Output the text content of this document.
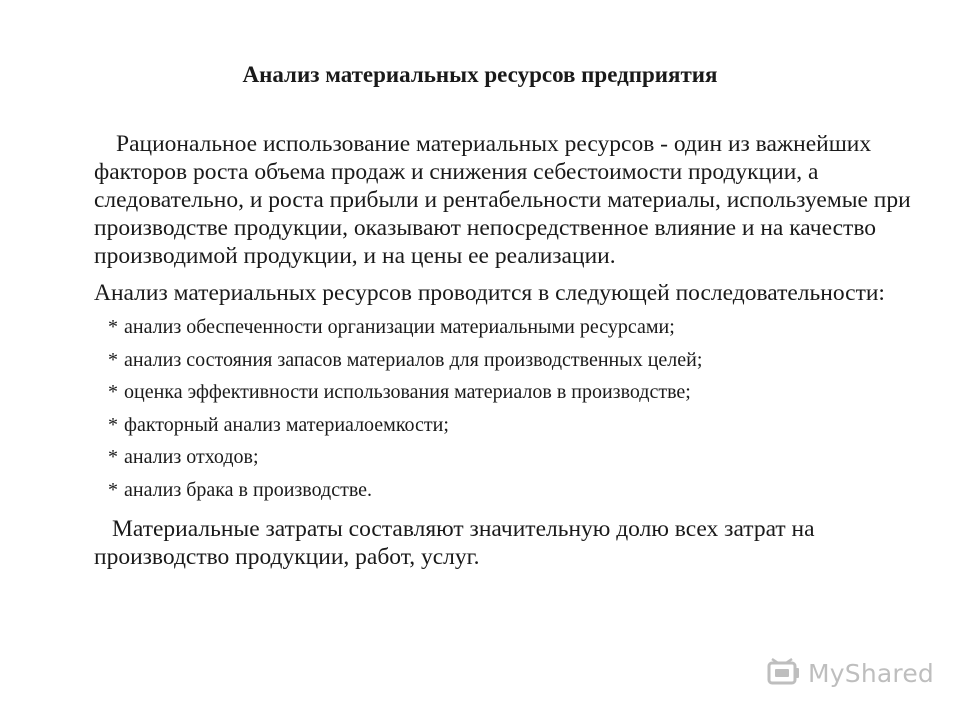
Анализ материальных ресурсов предприятия

Рациональное использование материальных ресурсов - один из важнейших факторов роста объема продаж и снижения себестоимости продукции, а следовательно, и роста прибыли и рентабельности материалы, используемые при производстве продукции, оказывают непосредственное влияние и на качество производимой продукции, и на цены ее реализации.

Анализ материальных ресурсов проводится в следующей последовательности:

* анализ обеспеченности организации материальными ресурсами;
* анализ состояния запасов материалов для производственных целей;
* оценка эффективности использования материалов в производстве;
* факторный анализ материалоемкости;
* анализ отходов;
* анализ брака в производстве.

Материальные затраты составляют значительную долю всех затрат на производство продукции, работ, услуг.

MyShared
